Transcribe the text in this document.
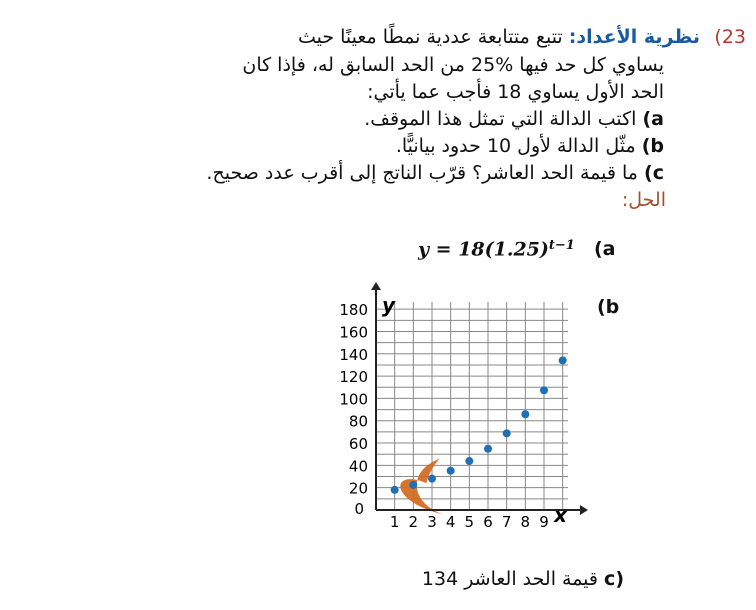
(23
نظرية الأعداد: تتبع متتابعة عددية نمطًا معينًا حيث
يساوي كل حد فيها %25 من الحد السابق له، فإذا كان
الحد الأول يساوي 18 فأجب عما يأتي:
a) اكتب الدالة التي تمثل هذا الموقف.
b) مثّل الدالة لأول 10 حدود بيانيًّا.
c) ما قيمة الحد العاشر؟ قرّب الناتج إلى أقرب عدد صحيح.
الحل:
$y = 18(1.25)^{t-1}$ (a
(b
y
x
0
20
40
60
80
100
120
140
160
180
1 2 3 4 5 6 7 8 9
(c قيمة الحد العاشر 134
